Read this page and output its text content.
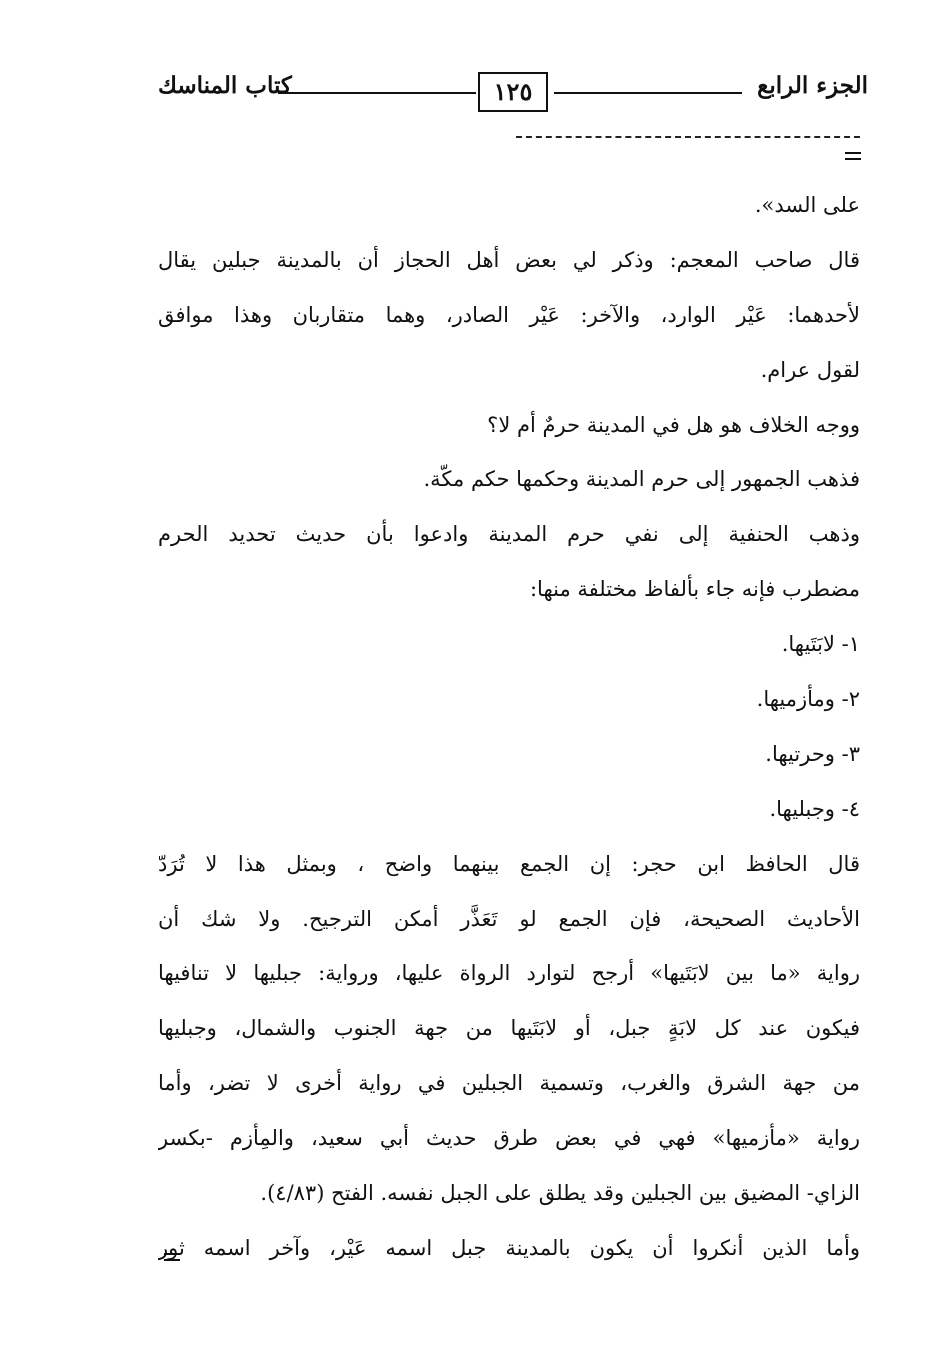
الجزء الرابع
١٢٥
كتاب المناسك
على السد».
قال صاحب المعجم: وذكر لي بعض أهل الحجاز أن بالمدينة جبلين يقال
لأحدهما: عَيْر الوارد، والآخر: عَيْر الصادر، وهما متقاربان وهذا موافق
لقول عرام.
ووجه الخلاف هو هل في المدينة حرمٌ أم لا؟
فذهب الجمهور إلى حرم المدينة وحكمها حكم مكّة.
وذهب الحنفية إلى نفي حرم المدينة وادعوا بأن حديث تحديد الحرم
مضطرب فإنه جاء بألفاظ مختلفة منها:
١- لابَتَيها.
٢- ومأزميها.
٣- وحرتيها.
٤- وجبليها.
قال الحافظ ابن حجر: إن الجمع بينهما واضح ، وبمثل هذا لا تُرَدّ
الأحاديث الصحيحة، فإن الجمع لو تَعَذَّر أمكن الترجيح. ولا شك أن
رواية «ما بين لابَتَيها» أرجح لتوارد الرواة عليها، ورواية: جبليها لا تنافيها
فيكون عند كل لابَةٍ جبل، أو لابَتَيها من جهة الجنوب والشمال، وجبليها
من جهة الشرق والغرب، وتسمية الجبلين في رواية أخرى لا تضر، وأما
رواية «مأزميها» فهي في بعض طرق حديث أبي سعيد، والمِأزم -بكسر
الزاي- المضيق بين الجبلين وقد يطلق على الجبل نفسه. الفتح (٤/٨٣).
وأما الذين أنكروا أن يكون بالمدينة جبل اسمه عَيْر، وآخر اسمه ثور
